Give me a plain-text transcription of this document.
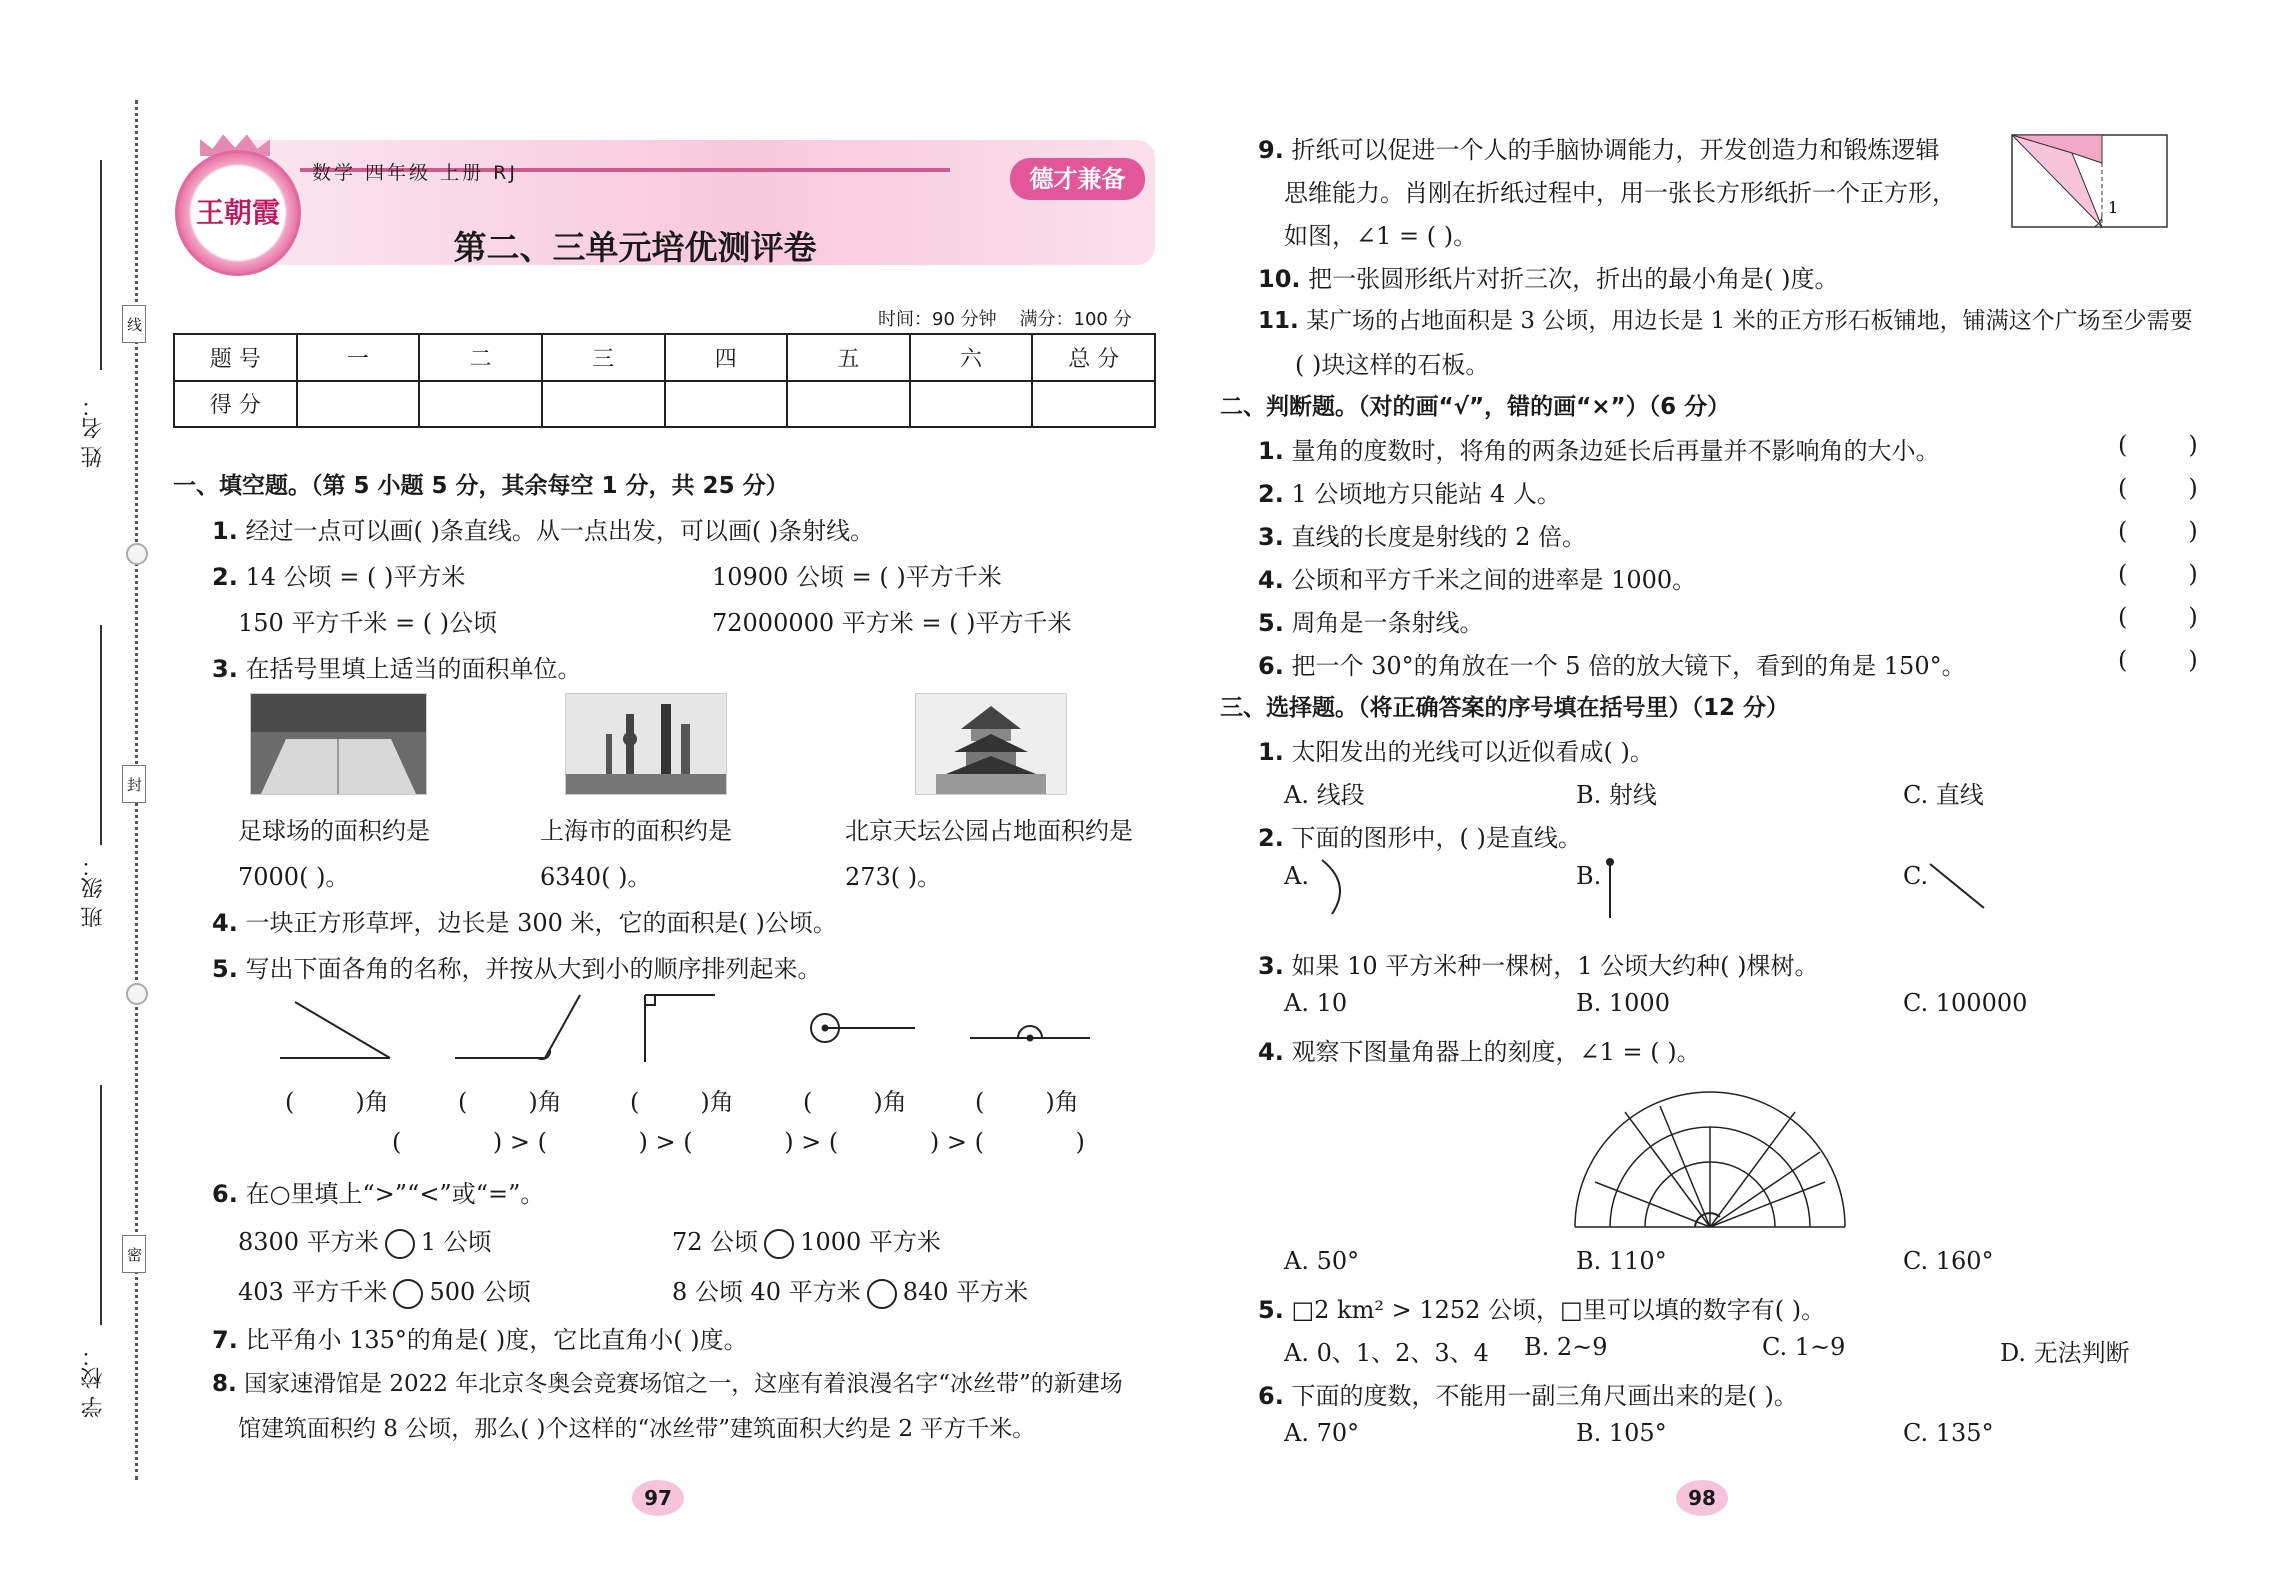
姓 名：
班 级：
学 校：
线
封
密
王朝霞
数学 四年级 上册 RJ	德才兼备
第二、三单元培优测评卷
时间：90 分钟    满分：100 分
题 号	一	二	三	四	五	六	总 分
得 分							
一、填空题。（第 5 小题 5 分，其余每空 1 分，共 25 分）
1. 经过一点可以画( )条直线。从一点出发，可以画( )条射线。
2. 14 公顷 = ( )平方米	10900 公顷 = ( )平方千米
150 平方千米 = ( )公顷	72000000 平方米 = ( )平方千米
3. 在括号里填上适当的面积单位。
足球场的面积约是
7000( )。
上海市的面积约是
6340( )。
北京天坛公园占地面积约是
273( )。
4. 一块正方形草坪，边长是 300 米，它的面积是( )公顷。
5. 写出下面各角的名称，并按从大到小的顺序排列起来。
(        )角	(        )角	(        )角	(        )角	(        )角
(            ) > (            ) > (            ) > (            ) > (            )
6. 在○里填上“>”“<”或“=”。
8300 平方米 1 公顷	72 公顷 1000 平方米
403 平方千米 500 公顷	8 公顷 40 平方米 840 平方米
7. 比平角小 135°的角是( )度，它比直角小( )度。
8. 国家速滑馆是 2022 年北京冬奥会竞赛场馆之一，这座有着浪漫名字“冰丝带”的新建场
馆建筑面积约 8 公顷，那么( )个这样的“冰丝带”建筑面积大约是 2 平方千米。
97
9. 折纸可以促进一个人的手脑协调能力，开发创造力和锻炼逻辑
思维能力。肖刚在折纸过程中，用一张长方形纸折一个正方形，
如图，∠1 = ( )。
1
10. 把一张圆形纸片对折三次，折出的最小角是( )度。
11. 某广场的占地面积是 3 公顷，用边长是 1 米的正方形石板铺地，铺满这个广场至少需要
( )块这样的石板。
二、判断题。（对的画“√”，错的画“×”）（6 分）
1. 量角的度数时，将角的两条边延长后再量并不影响角的大小。	(        )
2. 1 公顷地方只能站 4 人。	(        )
3. 直线的长度是射线的 2 倍。	(        )
4. 公顷和平方千米之间的进率是 1000。	(        )
5. 周角是一条射线。	(        )
6. 把一个 30°的角放在一个 5 倍的放大镜下，看到的角是 150°。	(        )
三、选择题。（将正确答案的序号填在括号里）（12 分）
1. 太阳发出的光线可以近似看成( )。
A. 线段	B. 射线	C. 直线
2. 下面的图形中，( )是直线。
A.	B.	C.
3. 如果 10 平方米种一棵树，1 公顷大约种( )棵树。
A. 10	B. 1000	C. 100000
4. 观察下图量角器上的刻度，∠1 = ( )。
A. 50°	B. 110°	C. 160°
5. □2 km² > 1252 公顷，□里可以填的数字有( )。
A. 0、1、2、3、4 B. 2~9	C. 1~9	D. 无法判断
6. 下面的度数，不能用一副三角尺画出来的是( )。
A. 70°	B. 105°	C. 135°
98
